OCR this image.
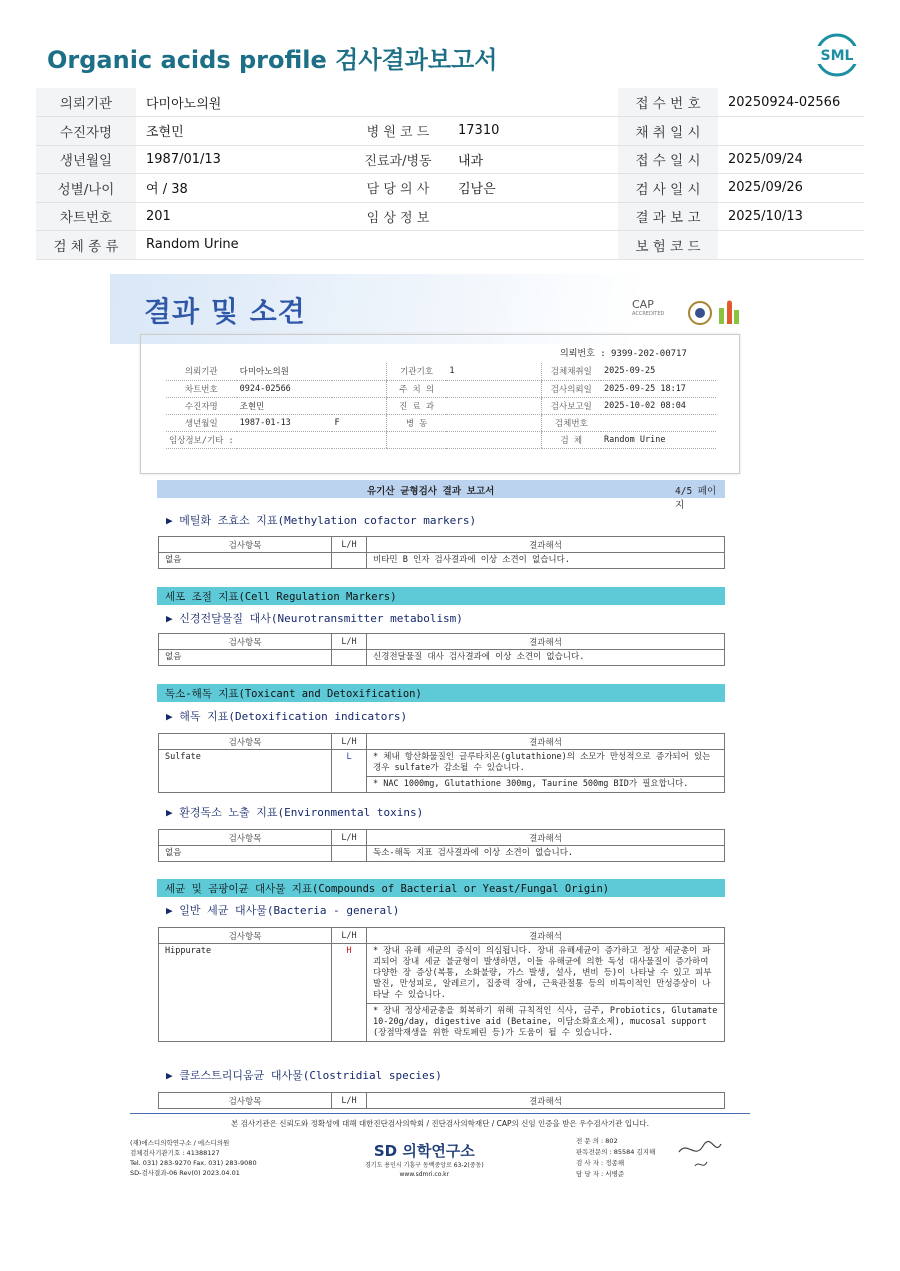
Organic acids profile 검사결과보고서	SML
의뢰기관	다미아노의원			접 수 번 호	20250924-02566
수진자명	조현민	병 원 코 드	17310	채 취 일 시	
생년월일	1987/01/13	진료과/병동	내과	접 수 일 시	2025/09/24
성별/나이	여 / 38	담 당 의 사	김남은	검 사 일 시	2025/09/26
차트번호	201	임 상 정 보		결 과 보 고	2025/10/13
검 체 종 류	Random Urine			보 험 코 드	
결과 및 소견	CAP
ACCREDITED
의뢰번호 : 9399-202-00717
의뢰기관	다미아노의원		기관기호	1	검체채취일	2025-09-25
차트번호	0924-02566		주 치 의		검사의뢰일	2025-09-25 18:17
수진자명	조현민		진 료 과		검사보고일	2025-10-02 08:04
생년월일	1987-01-13	F	병 동		검체번호	
임상정보/기타 :					검 체	Random Urine
유기산 균형검사 결과 보고서	4/5 페이지
▶ 메틸화 조효소 지표(Methylation cofactor markers)
검사항목	L/H	결과해석
없음		비타민 B 인자 검사결과에 이상 소견이 없습니다.
세포 조절 지표(Cell Regulation Markers)
▶ 신경전달물질 대사(Neurotransmitter metabolism)
검사항목	L/H	결과해석
없음		신경전달물질 대사 검사결과에 이상 소견이 없습니다.
독소-해독 지표(Toxicant and Detoxification)
▶ 해독 지표(Detoxification indicators)
검사항목	L/H	결과해석
Sulfate	L	* 체내 항산화물질인 글루타치온(glutathione)의 소모가 만성적으로 증가되어 있는 경우 sulfate가 감소될 수 있습니다.
		* NAC 1000mg, Glutathione 300mg, Taurine 500mg BID가 필요합니다.
▶ 환경독소 노출 지표(Environmental toxins)
검사항목	L/H	결과해석
없음		독소-해독 지표 검사결과에 이상 소견이 없습니다.
세균 및 곰팡이균 대사물 지표(Compounds of Bacterial or Yeast/Fungal Origin)
▶ 일반 세균 대사물(Bacteria - general)
검사항목	L/H	결과해석
Hippurate	H	* 장내 유해 세균의 증식이 의심됩니다. 장내 유해세균이 증가하고 정상 세균총이 파괴되어 장내 세균 불균형이 발생하면, 이들 유해균에 의한 독성 대사물질이 증가하여 다양한 장 증상(복통, 소화불량, 가스 발생, 설사, 변비 등)이 나타날 수 있고 피부발진, 만성피로, 알레르기, 집중력 장애, 근육관절통 등의 비특이적인 만성증상이 나타날 수 있습니다.
		* 장내 정상세균총을 회복하기 위해 규칙적인 식사, 금주, Probiotics, Glutamate 10-20g/day, digestive aid (Betaine, 이담소화효소제), mucosal support (장점막재생을 위한 락토페린 등)가 도움이 될 수 있습니다.
▶ 클로스트리디움균 대사물(Clostridial species)
검사항목	L/H	결과해석
본 검사기관은 신뢰도와 정확성에 대해 대한진단검사의학회 / 진단검사의학재단 / CAP의 신임 인증을 받은 우수검사기관 입니다.
(재)에스디의학연구소 / 에스디의원
검체검사기관기호 : 41388127
Tel. 031) 283-9270 Fax. 031) 283-9080
SD-검사결과-06 Rev(0) 2023.04.01
SD 의학연구소
경기도 용인시 기흥구 동백중앙로 63-2(중동)
www.sdmri.co.kr
전 문 의 : 802
판독전문의 : 85584 김지해
검 사 자 : 정종해
담 당 자 : 서병준
